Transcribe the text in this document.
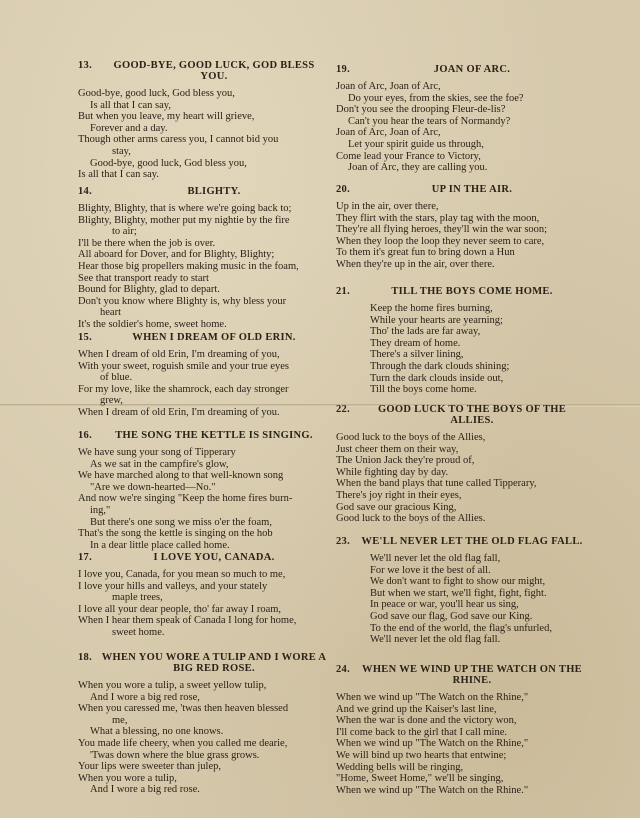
13. GOOD-BYE, GOOD LUCK, GOD BLESS YOU.
Good-bye, good luck, God bless you,
Is all that I can say,
But when you leave, my heart will grieve,
Forever and a day.
Though other arms caress you, I cannot bid you
stay,
Good-bye, good luck, God bless you,
Is all that I can say.
14.	BLIGHTY.
Blighty, Blighty, that is where we're going back to;
Blighty, Blighty, mother put my nightie by the fire
to air;
I'll be there when the job is over.
All aboard for Dover, and for Blighty, Blighty;
Hear those big propellers making music in the foam,
See that transport ready to start
Bound for Blighty, glad to depart.
Don't you know where Blighty is, why bless your
heart
It's the soldier's home, sweet home.
15.	WHEN I DREAM OF OLD ERIN.
When I dream of old Erin, I'm dreaming of you,
With your sweet, roguish smile and your true eyes
of blue.
For my love, like the shamrock, each day stronger
grew,
When I dream of old Erin, I'm dreaming of you.
16. THE SONG THE KETTLE IS SINGING.
We have sung your song of Tipperary
As we sat in the campfire's glow,
We have marched along to that well-known song
"Are we down-hearted—No."
And now we're singing "Keep the home fires burn-
ing,"
But there's one song we miss o'er the foam,
That's the song the kettle is singing on the hob
In a dear little place called home.
17.	I LOVE YOU, CANADA.
I love you, Canada, for you mean so much to me,
I love your hills and valleys, and your stately
maple trees,
I love all your dear people, tho' far away I roam,
When I hear them speak of Canada I long for home,
sweet home.
18. WHEN YOU WORE A TULIP AND I WORE A BIG RED ROSE.
When you wore a tulip, a sweet yellow tulip,
And I wore a big red rose,
When you caressed me, 'twas then heaven blessed
me,
What a blessing, no one knows.
You made life cheery, when you called me dearie,
'Twas down where the blue grass grows.
Your lips were sweeter than julep,
When you wore a tulip,
And I wore a big red rose.
19.	JOAN OF ARC.
Joan of Arc, Joan of Arc,
Do your eyes, from the skies, see the foe?
Don't you see the drooping Fleur-de-lis?
Can't you hear the tears of Normandy?
Joan of Arc, Joan of Arc,
Let your spirit guide us through,
Come lead your France to Victory,
Joan of Arc, they are calling you.
20.	UP IN THE AIR.
Up in the air, over there,
They flirt with the stars, play tag with the moon,
They're all flying heroes, they'll win the war soon;
When they loop the loop they never seem to care,
To them it's great fun to bring down a Hun
When they're up in the air, over there.
21.	TILL THE BOYS COME HOME.
Keep the home fires burning,
While your hearts are yearning;
Tho' the lads are far away,
They dream of home.
There's a silver lining,
Through the dark clouds shining;
Turn the dark clouds inside out,
Till the boys come home.
22.	GOOD LUCK TO THE BOYS OF THE ALLIES.
Good luck to the boys of the Allies,
Just cheer them on their way,
The Union Jack they're proud of,
While fighting day by day.
When the band plays that tune called Tipperary,
There's joy right in their eyes,
God save our gracious King,
Good luck to the boys of the Allies.
23. WE'LL NEVER LET THE OLD FLAG FALL.
We'll never let the old flag fall,
For we love it the best of all.
We don't want to fight to show our might,
But when we start, we'll fight, fight, fight.
In peace or war, you'll hear us sing,
God save our flag, God save our King.
To the end of the world, the flag's unfurled,
We'll never let the old flag fall.
24. WHEN WE WIND UP THE WATCH ON THE RHINE.
When we wind up "The Watch on the Rhine,"
And we grind up the Kaiser's last line,
When the war is done and the victory won,
I'll come back to the girl that I call mine.
When we wind up "The Watch on the Rhine,"
We will bind up two hearts that entwine;
Wedding bells will be ringing,
"Home, Sweet Home," we'll be singing,
When we wind up "The Watch on the Rhine."
